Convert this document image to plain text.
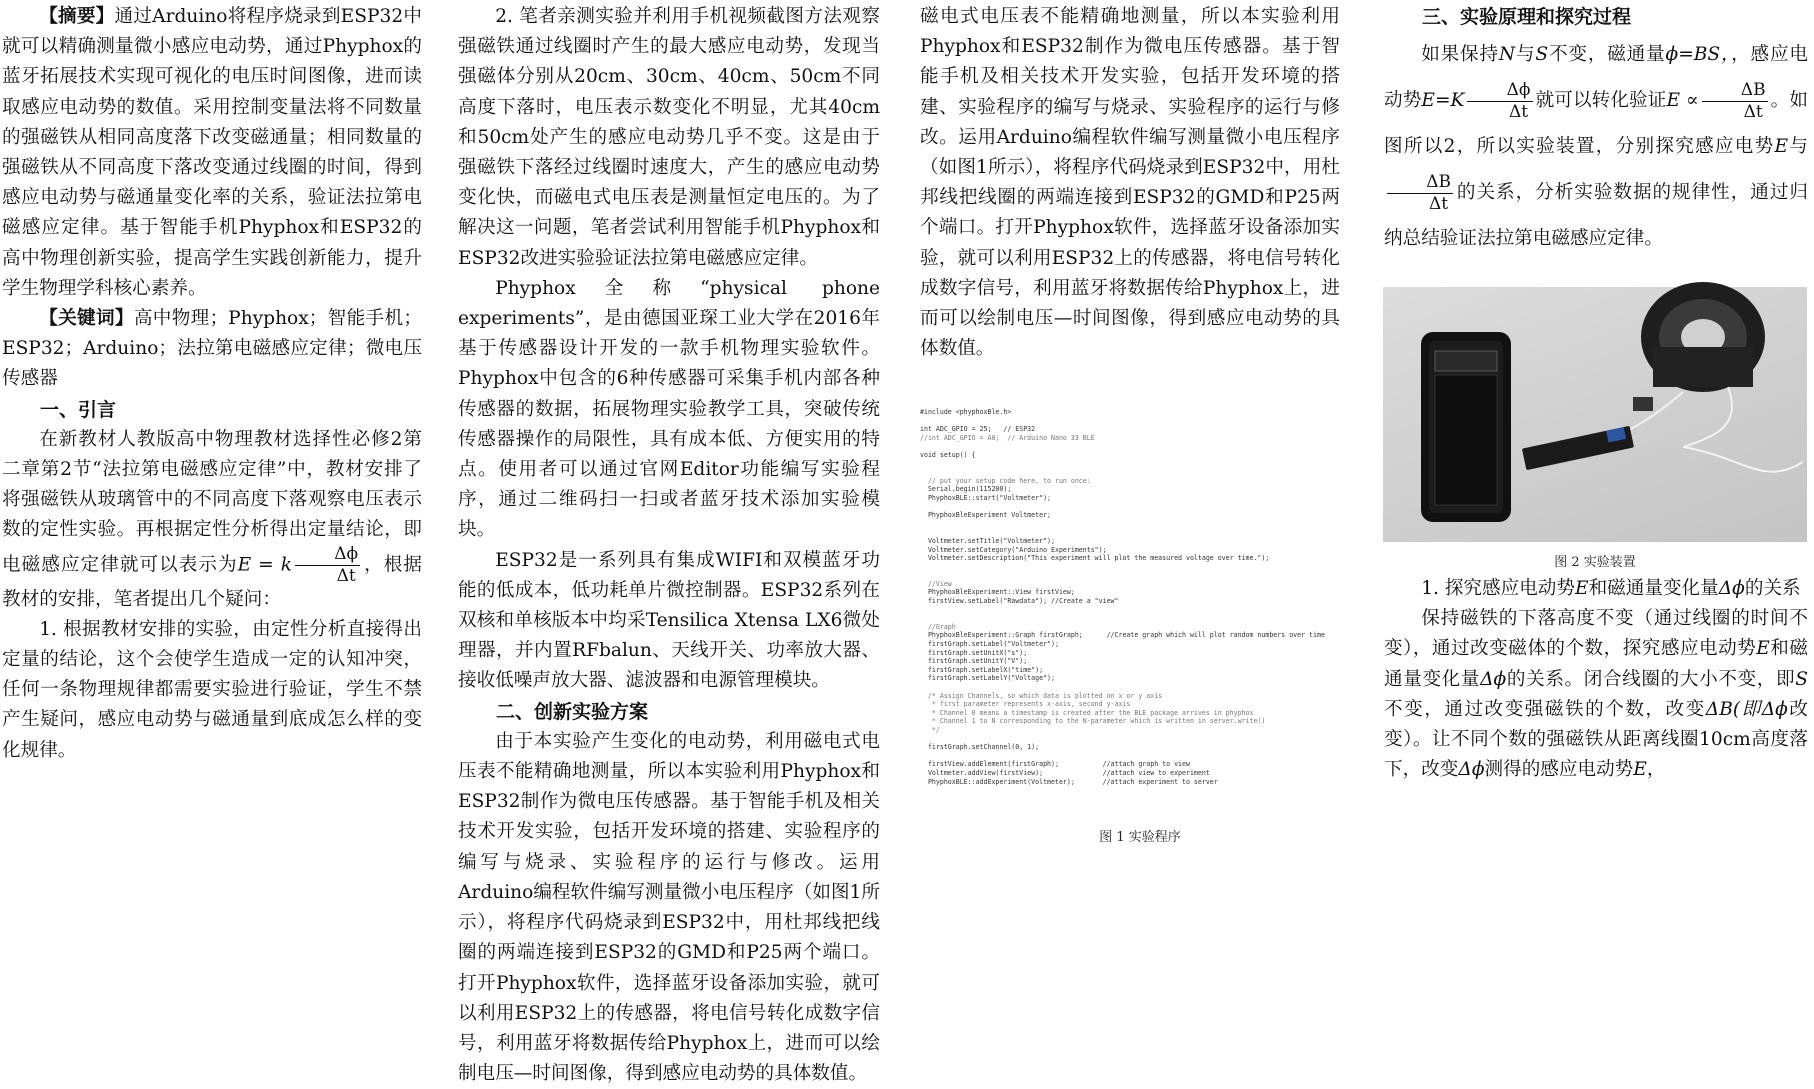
【摘要】通过Arduino将程序烧录到ESP32中就可以精确测量微小感应电动势，通过Phyphox的蓝牙拓展技术实现可视化的电压时间图像，进而读取感应电动势的数值。采用控制变量法将不同数量的强磁铁从相同高度落下改变磁通量；相同数量的强磁铁从不同高度下落改变通过线圈的时间，得到感应电动势与磁通量变化率的关系，验证法拉第电磁感应定律。基于智能手机Phyphox和ESP32的高中物理创新实验，提高学生实践创新能力，提升学生物理学科核心素养。

【关键词】高中物理；Phyphox；智能手机；ESP32；Arduino；法拉第电磁感应定律；微电压传感器

一、引言

在新教材人教版高中物理教材选择性必修2第二章第2节“法拉第电磁感应定律”中，教材安排了将强磁铁从玻璃管中的不同高度下落观察电压表示数的定性实验。再根据定性分析得出定量结论，即电磁感应定律就可以表示为E = k $\frac{\Delta\phi}{\Delta t}$ ，根据教材的安排，笔者提出几个疑问：

1. 根据教材安排的实验，由定性分析直接得出定量的结论，这个会使学生造成一定的认知冲突，任何一条物理规律都需要实验进行验证，学生不禁产生疑问，感应电动势与磁通量到底成怎么样的变化规律。

2. 笔者亲测实验并利用手机视频截图方法观察强磁铁通过线圈时产生的最大感应电动势，发现当强磁体分别从20cm、30cm、40cm、50cm不同高度下落时，电压表示数变化不明显，尤其40cm和50cm处产生的感应电动势几乎不变。这是由于强磁铁下落经过线圈时速度大，产生的感应电动势变化快，而磁电式电压表是测量恒定电压的。为了解决这一问题，笔者尝试利用智能手机Phyphox和ESP32改进实验验证法拉第电磁感应定律。

Phyphox全称“physical phone experiments”，是由德国亚琛工业大学在2016年基于传感器设计开发的一款手机物理实验软件。Phyphox中包含的6种传感器可采集手机内部各种传感器的数据，拓展物理实验教学工具，突破传统传感器操作的局限性，具有成本低、方便实用的特点。使用者可以通过官网Editor功能编写实验程序，通过二维码扫一扫或者蓝牙技术添加实验模块。

ESP32是一系列具有集成WIFI和双模蓝牙功能的低成本，低功耗单片微控制器。ESP32系列在双核和单核版本中均采Tensilica Xtensa LX6微处理器，并内置RFbalun、天线开关、功率放大器、接收低噪声放大器、滤波器和电源管理模块。

二、创新实验方案

由于本实验产生变化的电动势，利用磁电式电压表不能精确地测量，所以本实验利用Phyphox和ESP32制作为微电压传感器。基于智能手机及相关技术开发实验，包括开发环境的搭建、实验程序的编写与烧录、实验程序的运行与修改。运用Arduino编程软件编写测量微小电压程序（如图1所示），将程序代码烧录到ESP32中，用杜邦线把线圈的两端连接到ESP32的GMD和P25两个端口。打开Phyphox软件，选择蓝牙设备添加实验，就可以利用ESP32上的传感器，将电信号转化成数字信号，利用蓝牙将数据传给Phyphox上，进而可以绘制电压—时间图像，得到感应电动势的具体数值。

磁电式电压表不能精确地测量，所以本实验利用Phyphox和ESP32制作为微电压传感器。基于智能手机及相关技术开发实验，包括开发环境的搭建、实验程序的编写与烧录、实验程序的运行与修改。运用Arduino编程软件编写测量微小电压程序（如图1所示），将程序代码烧录到ESP32中，用杜邦线把线圈的两端连接到ESP32的GMD和P25两个端口。打开Phyphox软件，选择蓝牙设备添加实验，就可以利用ESP32上的传感器，将电信号转化成数字信号，利用蓝牙将数据传给Phyphox上，进而可以绘制电压—时间图像，得到感应电动势的具体数值。

#include <phyphoxBle.h>
int ADC_GPIO = 25;   // ESP32
//int ADC_GPIO = A0;  // Arduino Nano 33 BLE
void setup() {
// put your setup code here, to run once:
Serial.begin(115200);
PhyphoxBLE::start("Voltmeter");
PhyphoxBleExperiment Voltmeter;
Voltmeter.setTitle("Voltmeter");
Voltmeter.setCategory("Arduino Experiments");
Voltmeter.setDescription("This experiment will plot the measured voltage over time.");
//View
PhyphoxBleExperiment::View firstView;
firstView.setLabel("Rawdata"); //Create a "view"
//Graph
PhyphoxBleExperiment::Graph firstGraph;      //Create graph which will plot random numbers over time
firstGraph.setLabel("Voltmeter");
firstGraph.setUnitX("s");
firstGraph.setUnitY("V");
firstGraph.setLabelX("time");
firstGraph.setLabelY("Voltage");
/* Assign Channels, so which data is plotted on x or y axis
* first parameter represents x-axis, second y-axis
* Channel 0 means a timestamp is created after the BLE package arrives in phyphox
* Channel 1 to N corresponding to the N-parameter which is written in server.write()
*/
firstGraph.setChannel(0, 1);
firstView.addElement(firstGraph);           //attach graph to view
Voltmeter.addView(firstView);               //attach view to experiment
PhyphoxBLE::addExperiment(Voltmeter);       //attach experiment to server
图 1 实验程序
三、实验原理和探究过程

如果保持N与S不变，磁通量ϕ=BS，，感应电动势$E=K \frac{\Delta\phi}{\Delta t}$ 就可以转化验证$E \propto \frac{\Delta B}{\Delta t}$ 。如图所以2，所以实验装置，分别探究感应电势E与
$\frac{\Delta B}{\Delta t}$ 的关系，分析实验数据的规律性，通过归纳总结验证法拉第电磁感应定律。

图 2 实验装置

1. 探究感应电动势E和磁通量变化量Δϕ的关系

保持磁铁的下落高度不变（通过线圈的时间不变），通过改变磁体的个数，探究感应电动势E和磁通量变化量Δϕ的关系。闭合线圈的大小不变，即S不变，通过改变强磁铁的个数，改变ΔB(即Δϕ改变）。让不同个数的强磁铁从距离线圈10cm高度落下，改变Δϕ测得的感应电动势E，
